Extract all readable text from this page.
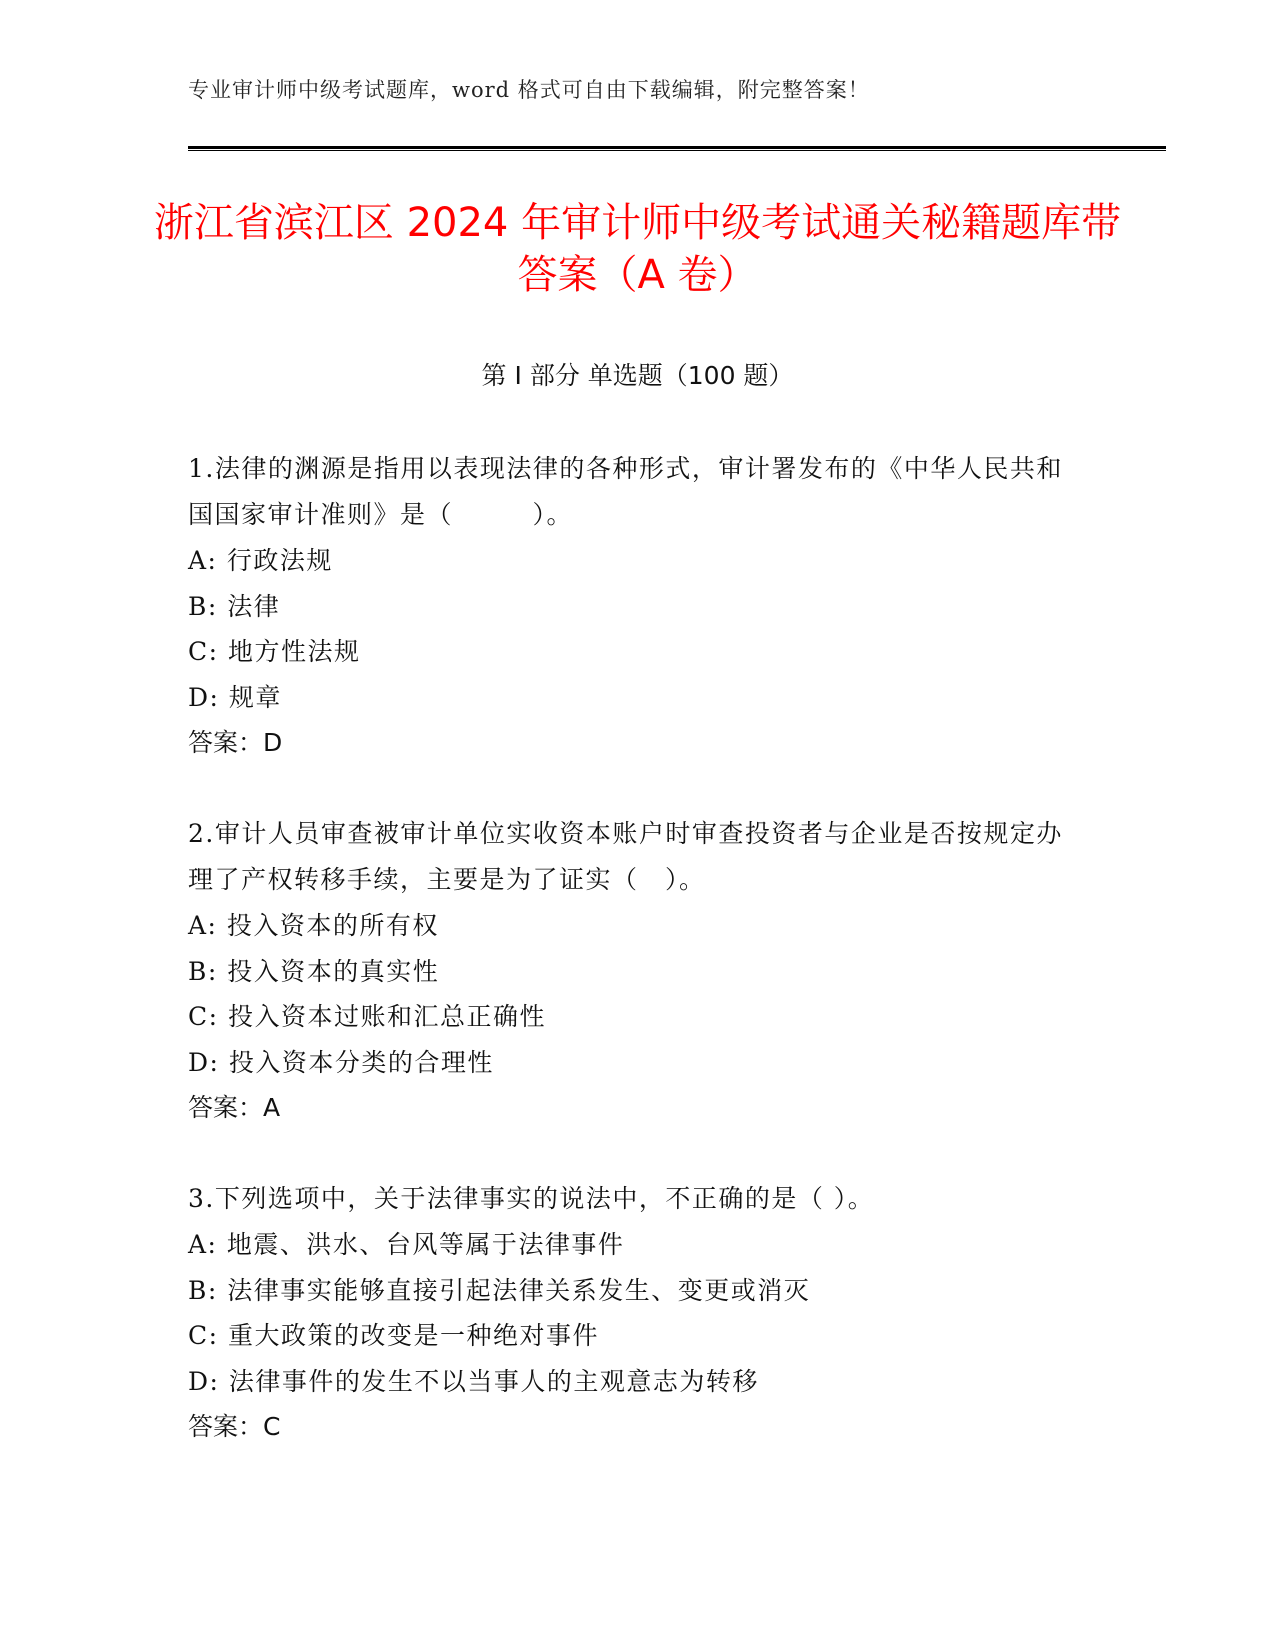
专业审计师中级考试题库，word 格式可自由下载编辑，附完整答案！
浙江省滨江区 2024 年审计师中级考试通关秘籍题库带答案（A 卷）
第 I 部分 单选题（100 题）

1.法律的渊源是指用以表现法律的各种形式，审计署发布的《中华人民共和国国家审计准则》是（　　　）。

A: 行政法规
B: 法律
C: 地方性法规
D: 规章
答案：D

2.审计人员审查被审计单位实收资本账户时审查投资者与企业是否按规定办理了产权转移手续，主要是为了证实（　）。

A: 投入资本的所有权
B: 投入资本的真实性
C: 投入资本过账和汇总正确性
D: 投入资本分类的合理性
答案：A

3.下列选项中，关于法律事实的说法中，不正确的是（ ）。

A: 地震、洪水、台风等属于法律事件
B: 法律事实能够直接引起法律关系发生、变更或消灭
C: 重大政策的改变是一种绝对事件
D: 法律事件的发生不以当事人的主观意志为转移
答案：C
